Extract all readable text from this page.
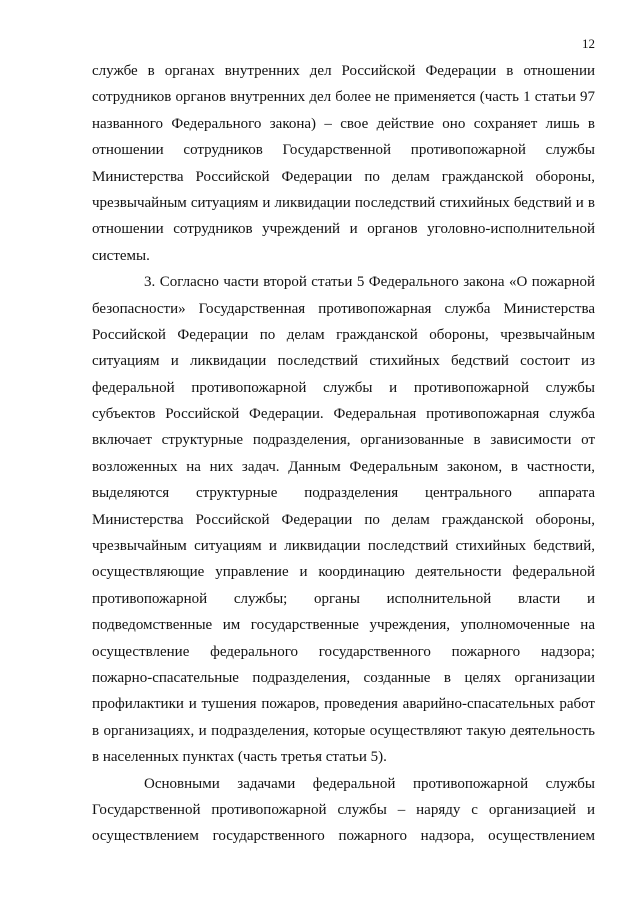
12
службе в органах внутренних дел Российской Федерации в отношении
сотрудников органов внутренних дел более не применяется (часть 1 статьи 97
названного Федерального закона) – свое действие оно сохраняет лишь в
отношении сотрудников Государственной противопожарной службы
Министерства Российской Федерации по делам гражданской обороны,
чрезвычайным ситуациям и ликвидации последствий стихийных бедствий и в
отношении сотрудников учреждений и органов уголовно-исполнительной
системы.
3. Согласно части второй статьи 5 Федерального закона «О пожарной
безопасности» Государственная противопожарная служба Министерства
Российской Федерации по делам гражданской обороны, чрезвычайным
ситуациям и ликвидации последствий стихийных бедствий состоит из
федеральной противопожарной службы и противопожарной службы
субъектов Российской Федерации. Федеральная противопожарная служба
включает структурные подразделения, организованные в зависимости от
возложенных на них задач. Данным Федеральным законом, в частности,
выделяются структурные подразделения центрального аппарата
Министерства Российской Федерации по делам гражданской обороны,
чрезвычайным ситуациям и ликвидации последствий стихийных бедствий,
осуществляющие управление и координацию деятельности федеральной
противопожарной службы; органы исполнительной власти и
подведомственные им государственные учреждения, уполномоченные на
осуществление федерального государственного пожарного надзора;
пожарно-спасательные подразделения, созданные в целях организации
профилактики и тушения пожаров, проведения аварийно-спасательных работ
в организациях, и подразделения, которые осуществляют такую деятельность
в населенных пунктах (часть третья статьи 5).
Основными задачами федеральной противопожарной службы
Государственной противопожарной службы – наряду с организацией и
осуществлением государственного пожарного надзора, осуществлением
